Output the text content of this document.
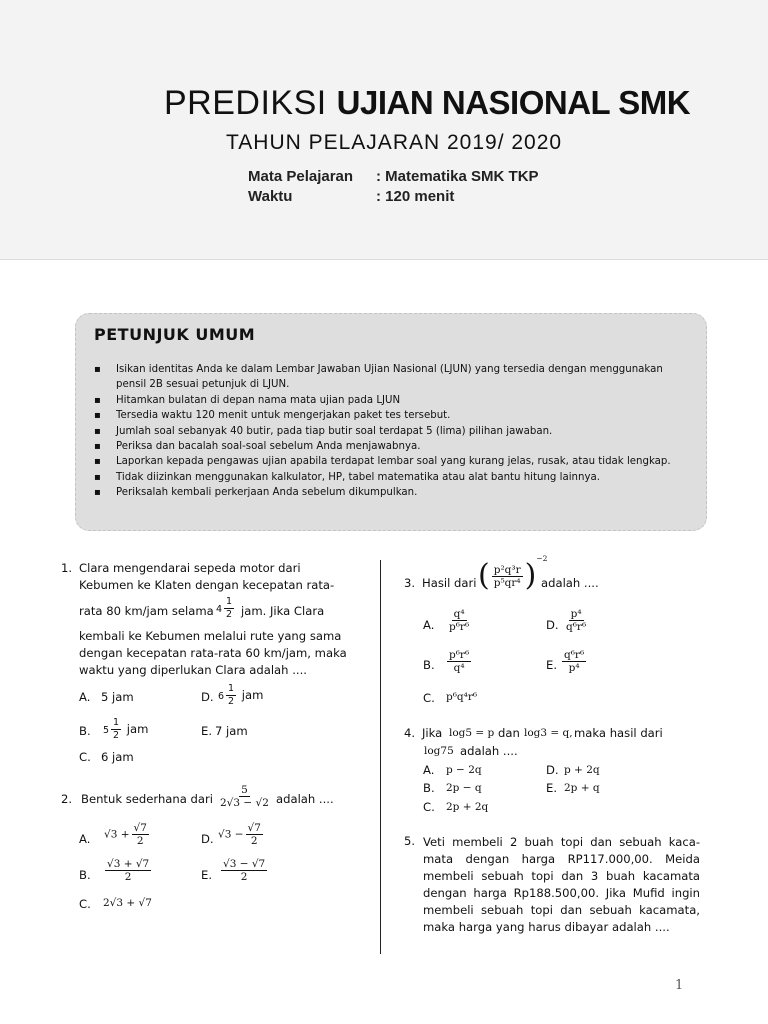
PREDIKSI UJIAN NASIONAL SMK
TAHUN PELAJARAN 2019/ 2020
Mata Pelajaran : Matematika SMK TKP
Waktu	: 120 menit
PETUNJUK UMUM
▪ Isikan identitas Anda ke dalam Lembar Jawaban Ujian Nasional (LJUN) yang tersedia dengan menggunakan pensil 2B sesuai petunjuk di LJUN.
▪ Hitamkan bulatan di depan nama mata ujian pada LJUN
▪ Tersedia waktu 120 menit untuk mengerjakan paket tes tersebut.
▪ Jumlah soal sebanyak 40 butir, pada tiap butir soal terdapat 5 (lima) pilihan jawaban.
▪ Periksa dan bacalah soal-soal sebelum Anda menjawabnya.
▪ Laporkan kepada pengawas ujian apabila terdapat lembar soal yang kurang jelas, rusak, atau tidak lengkap.
▪ Tidak diizinkan menggunakan kalkulator, HP, tabel matematika atau alat bantu hitung lainnya.
▪ Periksalah kembali perkerjaan Anda sebelum dikumpulkan.
1. Clara mengendarai sepeda motor dari
Kebumen ke Klaten dengan kecepatan rata-
rata 80 km/jam selama $4 \frac{1}{2}$ jam. Jika Clara
kembali ke Kebumen melalui rute yang sama
dengan kecepatan rata-rata 60 km/jam, maka
waktu yang diperlukan Clara adalah ....
A. 5 jam	D. $6 \frac{1}{2}$ jam
B. $5 \frac{1}{2}$ jam	E. 7 jam
C. 6 jam
2. Bentuk sederhana dari $\frac{5}{2√3 - √2}$ adalah ....
A. $√3 + \frac{√7}{2}$	D. $√3 - \frac{√7}{2}$
B. $\frac{√3 + √7}{2}$	E. $\frac{√3 - √7}{2}$
C. 2√3 + √7
3. Hasil dari ( $\frac{\text{p²q³r}}{\text{p⁵qr⁴}} )^{-2}$
adalah ....
A. $\frac{\text{q⁴}}{\text{p⁶r⁶}}$	D. $\frac{\text{p⁴}}{\text{q⁶r⁶}}$
B. $\frac{\text{p⁶r⁶}}{\text{q⁴}}$	E. $\frac{\text{q⁶r⁶}}{\text{p⁴}}$
C. p⁶q⁴r⁶
4. Jika log5 = p dan log3 = q, maka hasil dari
log75 adalah ....
A. p − 2q	D. p + 2q
B. 2p − q	E. 2p + q
C. 2p + 2q
5. Veti membeli 2 buah topi dan sebuah kaca-
mata dengan harga RP117.000,00. Meida
membeli sebuah topi dan 3 buah kacamata
dengan harga Rp188.500,00. Jika Mufid ingin
membeli sebuah topi dan sebuah kacamata,
maka harga yang harus dibayar adalah ....
1
